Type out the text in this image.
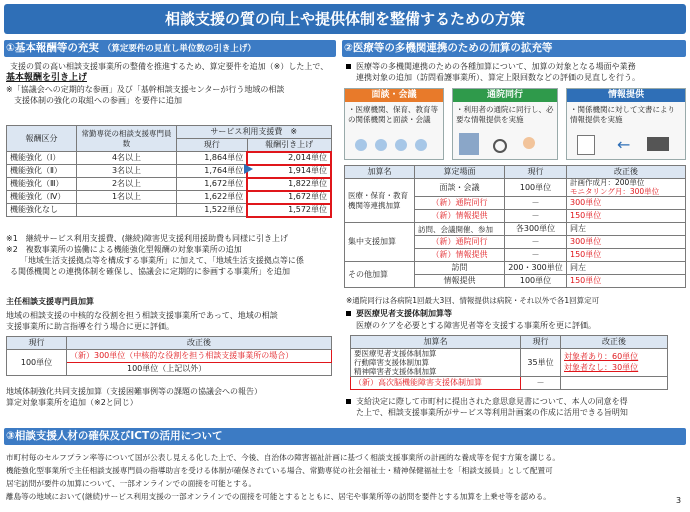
相談支援の質の向上や提供体制を整備するための方策
①基本報酬等の充実 （算定要件の見直し単位数の引き上げ）
支援の質の高い相談支援事業所の整備を推進するため、算定要件を追加（※）した上で、
基本報酬を引き上げ
※「協議会への定期的な参画」及び「基幹相談支援センターが行う地域の相談
支援体制の強化の取組への参画」を要件に追加
報酬区分	常勤専従の相談支援専門員数	サービス利用支援費　※	
		現行	報酬引き上げ
機能強化（Ⅰ）	4名以上	1,864単位	2,014単位
機能強化（Ⅱ）	3名以上	1,764単位	1,914単位
機能強化（Ⅲ）	2名以上	1,672単位	1,822単位
機能強化（Ⅳ）	1名以上	1,622単位	1,672単位
機能強化なし		1,522単位	1,572単位
※1　継続サービス利用支援費、(継続)障害児支援利用援助費も同様に引き上げ
※2　複数事業所の協働による機能強化型報酬の対象事業所の追加
「地域生活支援拠点等を構成する事業所」に加えて、「地域生活支援拠点等に係
る関係機関との連携体制を確保し、協議会に定期的に参画する事業所」を追加
主任相談支援専門員加算
地域の相談支援の中核的な役割を担う相談支援事業所であって、地域の相談
支援事業所に助言指導を行う場合に更に評価。
現行	改正後
100単位	（新）300単位（中核的な役割を担う相談支援事業所の場合）
	100単位（上記以外）
地域体制強化共同支援加算（支援困難事例等の課題の協議会への報告）
算定対象事業所を追加（※2と同じ）
②医療等の多機関連携のための加算の拡充等
医療等の多機関連携のための各種加算について、加算の対象となる場面や業務
連携対象の追加（訪問看護事業所）、算定上限回数などの評価の見直しを行う。
面談・会議
・医療機関、保育、教育等の関係機関と面談・会議
通院同行
・利用者の通院に同行し、必要な情報提供を実施
情報提供
・関係機関に対して文書により情報提供を実施
←
加算名	算定場面	現行	改正後
医療・保育・教育機関等連携加算	面談・会議	100単位	計画作成月：200単位
モニタリング月：300単位
	（新）通院同行	－	300単位
	（新）情報提供	－	150単位
集中支援加算	訪問、会議開催、参加	各300単位	同左
	（新）通院同行	－	300単位
	（新）情報提供	－	150単位
その他加算	訪問	200・300単位	同左
	情報提供	100単位	150単位
※通院同行は各病院1回最大3回、情報提供は病院・それ以外で各1回算定可
要医療児者支援体制加算等
医療のケアを必要とする障害児者等を支援する事業所を更に評価。
加算名	現行	改正後
要医療児者支援体制加算
行動障害支援体制加算
精神障害者支援体制加算	35単位	対象者あり：60単位
対象者なし：30単位
（新）高次脳機能障害支援体制加算	－	
支給決定に際して市町村に提出された意思意見書について、本人の同意を得
た上で、相談支援事業所がサービス等利用計画案の作成に活用できる旨明知
③相談支援人材の確保及びICTの活用について
市町村毎のセルフプラン率等について国が公表し見える化した上で、今後、自治体の障害福祉計画に基づく相談支援事業所の計画的な養成等を促す方策を講じる。
機能強化型事業所で主任相談支援専門員の指導助言を受ける体制が確保されている場合、常勤専従の社会福祉士・精神保健福祉士を「相談支援員」として配置可
居宅訪問が要件の加算について、一部オンラインでの面接を可能とする。
離島等の地域において(継続)サービス利用支援の一部オンラインでの面接を可能とするとともに、居宅や事業所等の訪問を要件とする加算を上乗せ等を認める。	3
